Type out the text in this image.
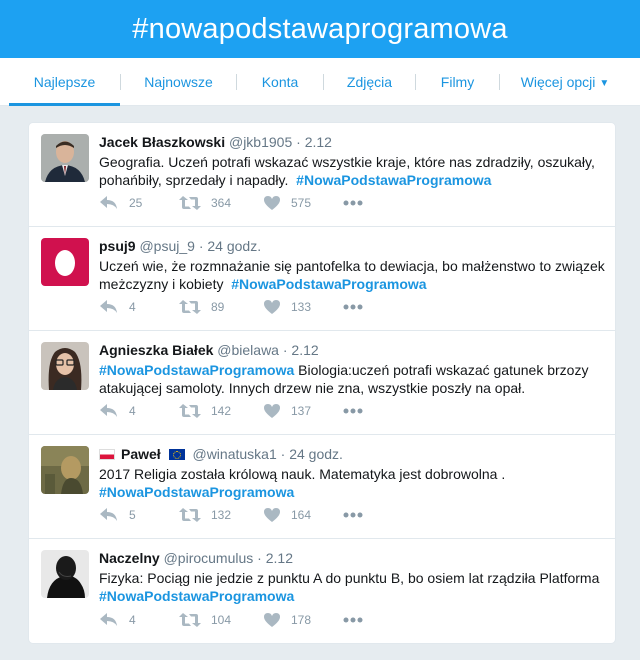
#nowapodstawaprogramowa
Najlepsze	Najnowsze	Konta	Zdjęcia	Filmy	Więcej opcji ▼
Jacek Błaszkowski @jkb1905 · 2.12
Geografia. Uczeń potrafi wskazać wszystkie kraje, które nas zdradziły, oszukały, pohańbiły, sprzedały i napadły. #NowaPodstawaProgramowa
25	364	575
psuj9 @psuj_9 · 24 godz.
Uczeń wie, że rozmnażanie się pantofelka to dewiacja, bo małżenstwo to związek meżczyzny i kobiety #NowaPodstawaProgramowa
4	89	133
Agnieszka Białek @bielawa · 2.12
#NowaPodstawaProgramowa Biologia:uczeń potrafi wskazać gatunek brzozy atakującej samoloty. Innych drzew nie zna, wszystkie poszły na opał.
4	142	137
Paweł @winatuska1 · 24 godz.
2017 Religia została królową nauk. Matematyka jest dobrowolna .
#NowaPodstawaProgramowa
5	132	164
Naczelny @pirocumulus · 2.12
Fizyka: Pociąg nie jedzie z punktu A do punktu B, bo osiem lat rządziła Platforma
#NowaPodstawaProgramowa
4	104	178
